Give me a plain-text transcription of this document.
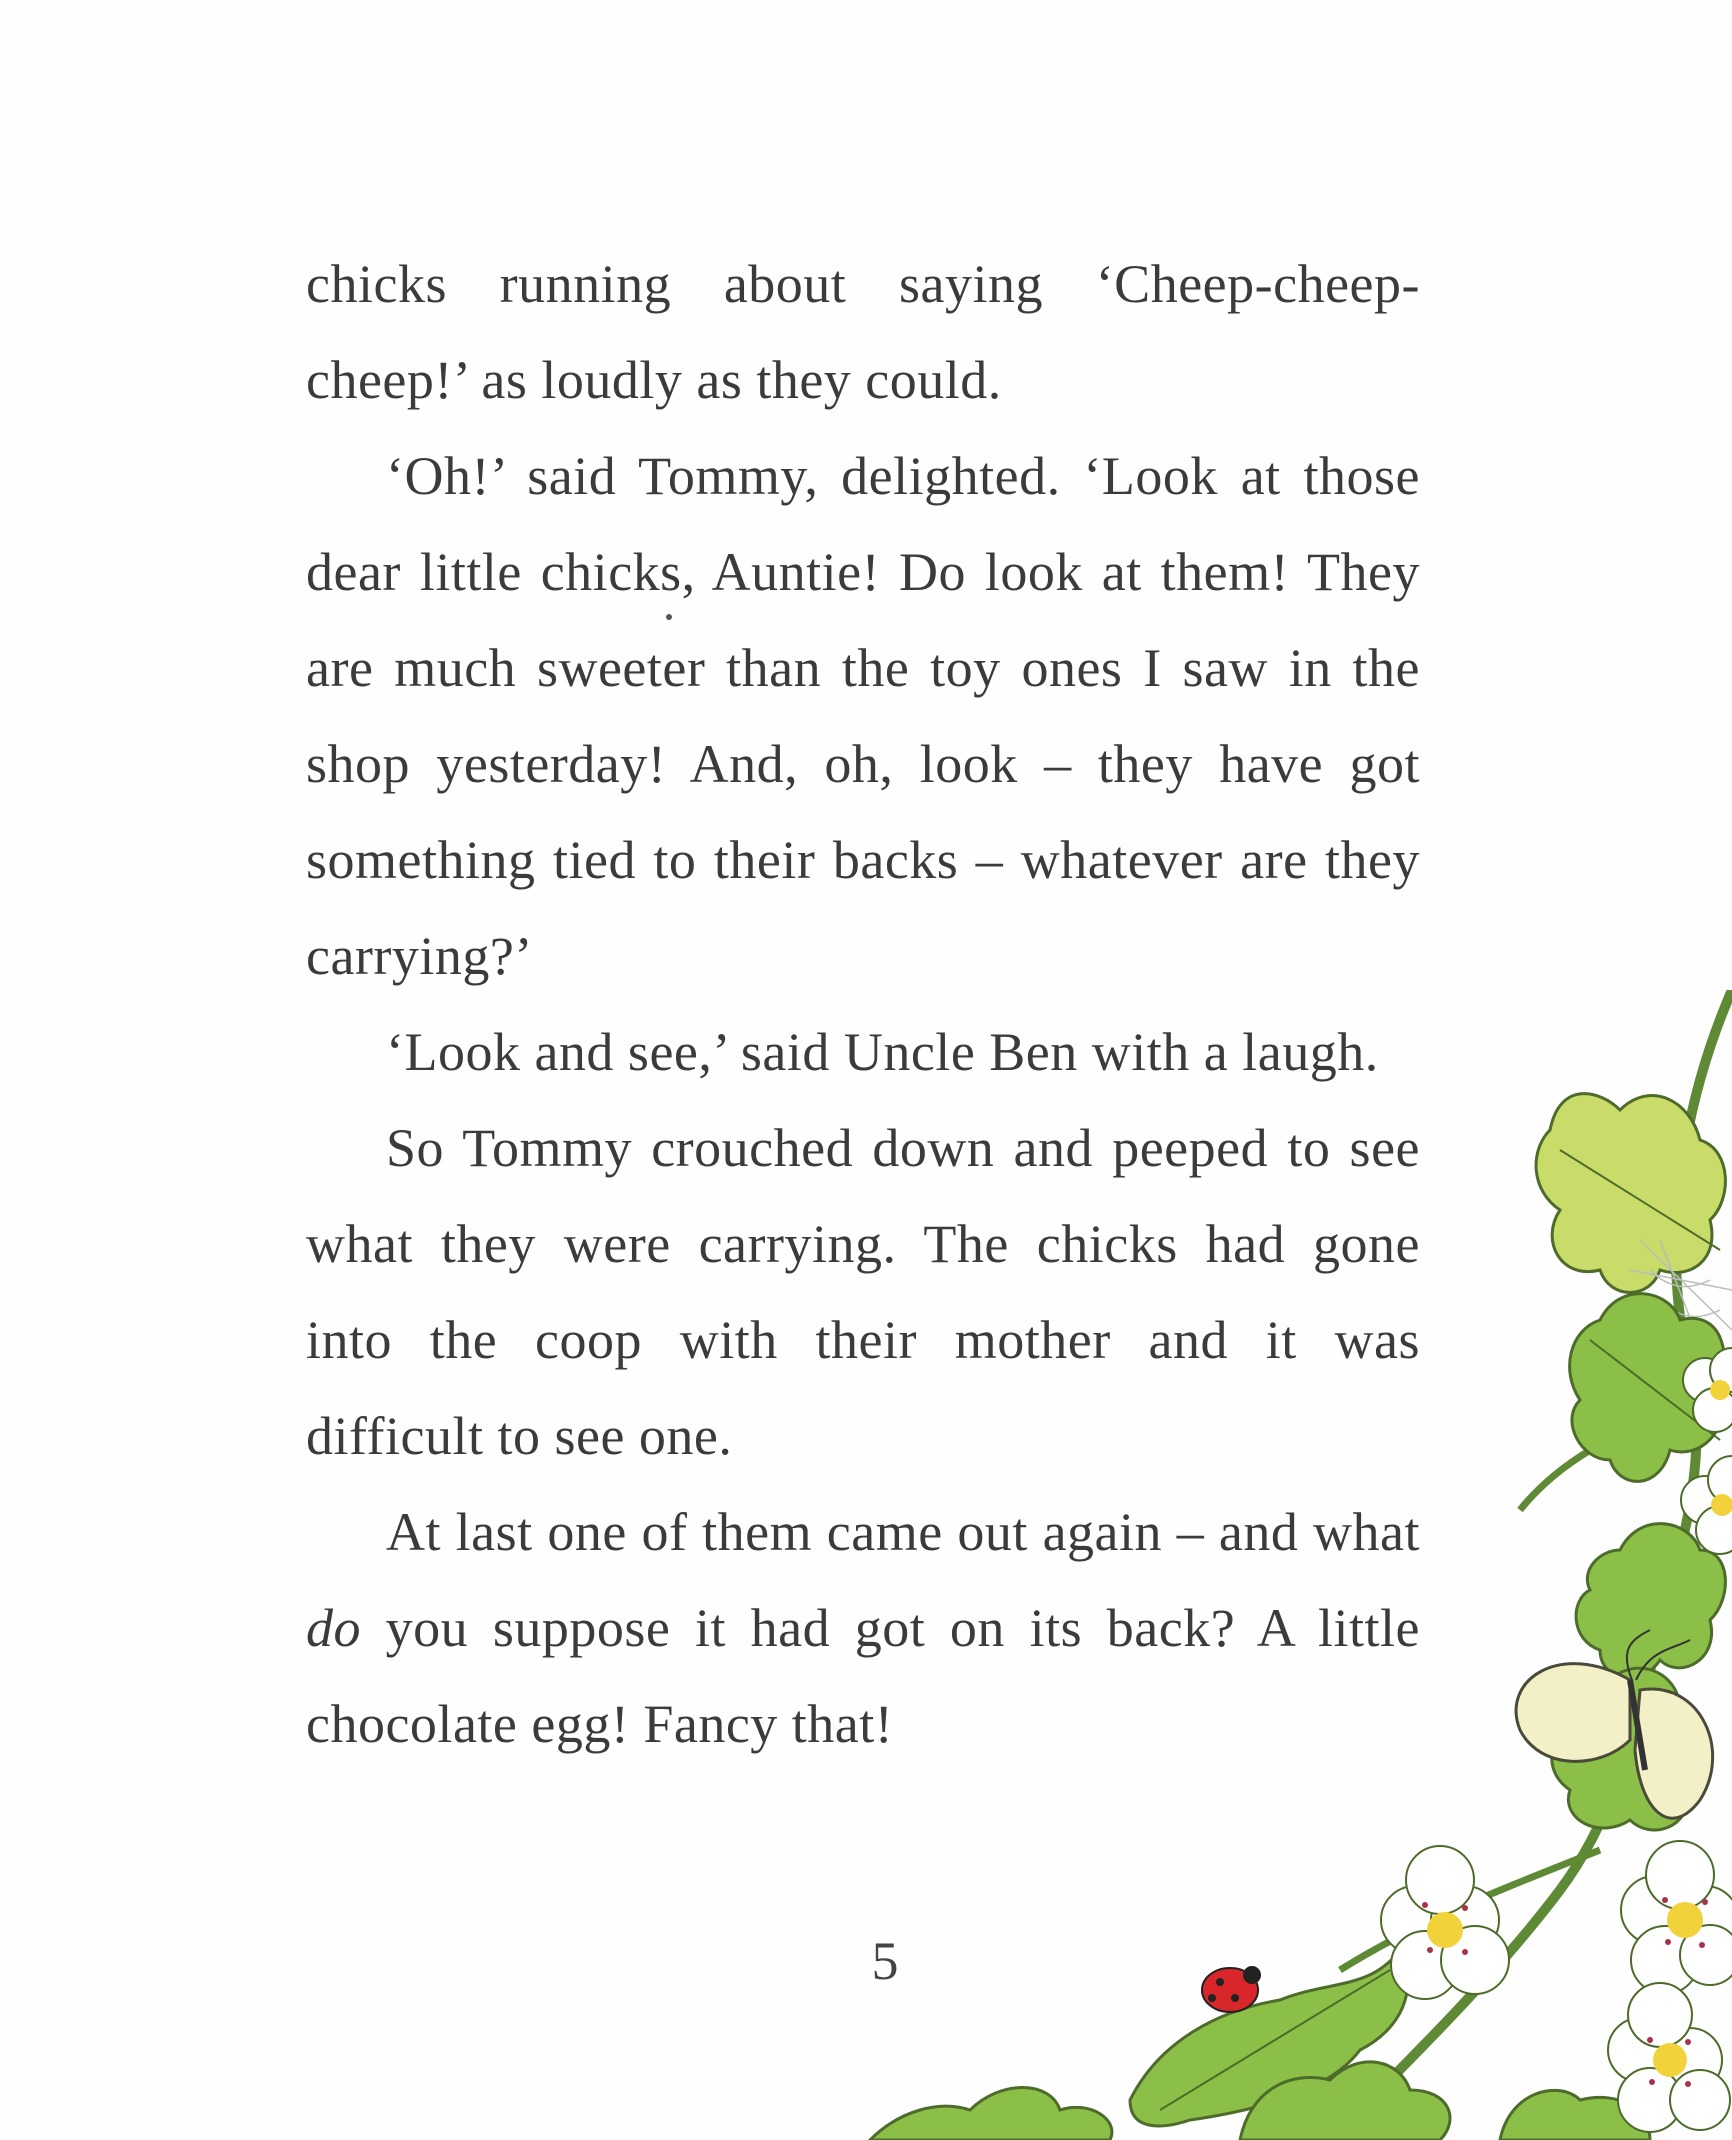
chicks running about saying ‘Cheep-cheep-cheep!’ as loudly as they could.

‘Oh!’ said Tommy, delighted. ‘Look at those dear little chicks, Auntie! Do look at them! They are much sweeter than the toy ones I saw in the shop yesterday! And, oh, look – they have got something tied to their backs – whatever are they carrying?’

‘Look and see,’ said Uncle Ben with a laugh.

So Tommy crouched down and peeped to see what they were carrying. The chicks had gone into the coop with their mother and it was difficult to see one.

At last one of them came out again – and what do you suppose it had got on its back? A little chocolate egg! Fancy that!

5
